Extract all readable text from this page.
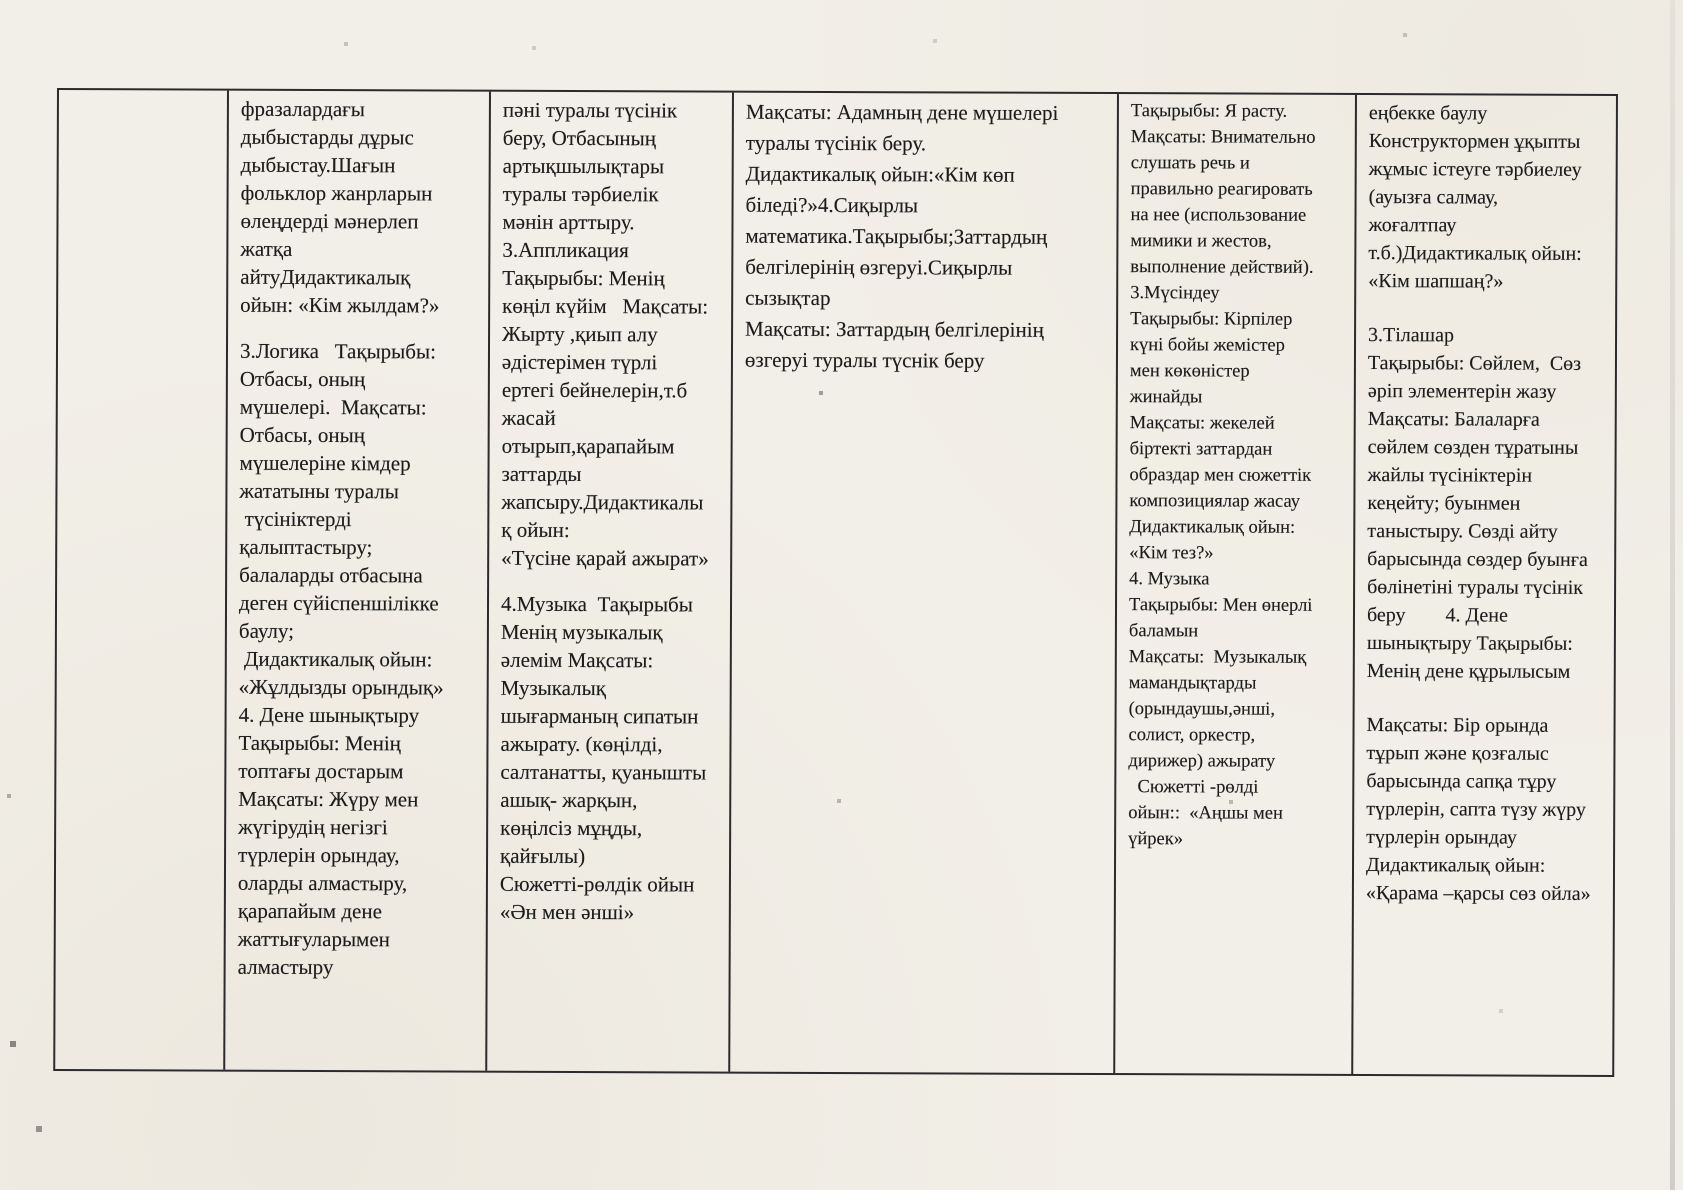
фразалардағы
дыбыстарды дұрыс
дыбыстау.Шағын
фольклор жанрларын
өлеңдерді мәнерлеп
жатқа
айтуДидактикалық
ойын: «Кім жылдам?»
3.Логика   Тақырыбы:
Отбасы, оның
мүшелері.  Мақсаты:
Отбасы, оның
мүшелеріне кімдер
жататыны туралы
түсініктерді
қалыптастыру;
балаларды отбасына
деген сүйіспеншілікке
баулу;
Дидактикалық ойын:
«Жұлдызды орындық»
4. Дене шынықтыру
Тақырыбы: Менің
топтағы достарым
Мақсаты: Жүру мен
жүгірудің негізгі
түрлерін орындау,
оларды алмастыру,
қарапайым дене
жаттығуларымен
алмастыру
пәні туралы түсінік
беру, Отбасының
артықшылықтары
туралы тәрбиелік
мәнін арттыру.
3.Аппликация
Тақырыбы: Менің
көңіл күйім   Мақсаты:
Жырту ,қиып алу
әдістерімен түрлі
ертегі бейнелерін,т.б
жасай
отырып,қарапайым
заттарды
жапсыру.Дидактикалы
қ ойын:
«Түсіне қарай ажырат»
4.Музыка  Тақырыбы
Менің музыкалық
әлемім Мақсаты:
Музыкалық
шығарманың сипатын
ажырату. (көңілді,
салтанатты, қуанышты
ашық- жарқын,
көңілсіз мұңды,
қайғылы)
Сюжетті-рөлдік ойын
«Ән мен әнші»
Мақсаты: Адамның дене мүшелері
туралы түсінік беру.
Дидактикалық ойын:«Кім көп
біледі?»4.Сиқырлы
математика.Тақырыбы;Заттардың
белгілерінің өзгеруі.Сиқырлы
сызықтар
Мақсаты: Заттардың белгілерінің
өзгеруі туралы түснік беру
Тақырыбы: Я расту.
Мақсаты: Внимательно
слушать речь и
правильно реагировать
на нее (использование
мимики и жестов,
выполнение действий).
3.Мүсіндеу
Тақырыбы: Кірпілер
күні бойы жемістер
мен көкөністер
жинайды
Мақсаты: жекелей
біртекті заттардан
образдар мен сюжеттік
композициялар жасау
Дидактикалық ойын:
«Кім тез?»
4. Музыка
Тақырыбы: Мен өнерлі
баламын
Мақсаты:  Музыкалық
мамандықтарды
(орындаушы,әнші,
солист, оркестр,
дирижер) ажырату
Сюжетті -рөлді
ойын::  «Аңшы мен
үйрек»
еңбекке баулу
Конструктормен ұқыпты
жұмыс істеуге тәрбиелеу
(ауызға салмау,
жоғалтпау
т.б.)Дидактикалық ойын:
«Кім шапшаң?»
3.Тілашар
Тақырыбы: Сөйлем,  Сөз
әріп элементерін жазу
Мақсаты: Балаларға
сөйлем сөзден тұратыны
жайлы түсініктерін
кеңейту; буынмен
таныстыру. Сөзді айту
барысында сөздер буынға
бөлінетіні туралы түсінік
беру        4. Дене
шынықтыру Тақырыбы:
Менің дене құрылысым
Мақсаты: Бір орында
тұрып және қозғалыс
барысында сапқа тұру
түрлерін, сапта түзу жүру
түрлерін орындау
Дидактикалық ойын:
«Қарама –қарсы сөз ойла»
